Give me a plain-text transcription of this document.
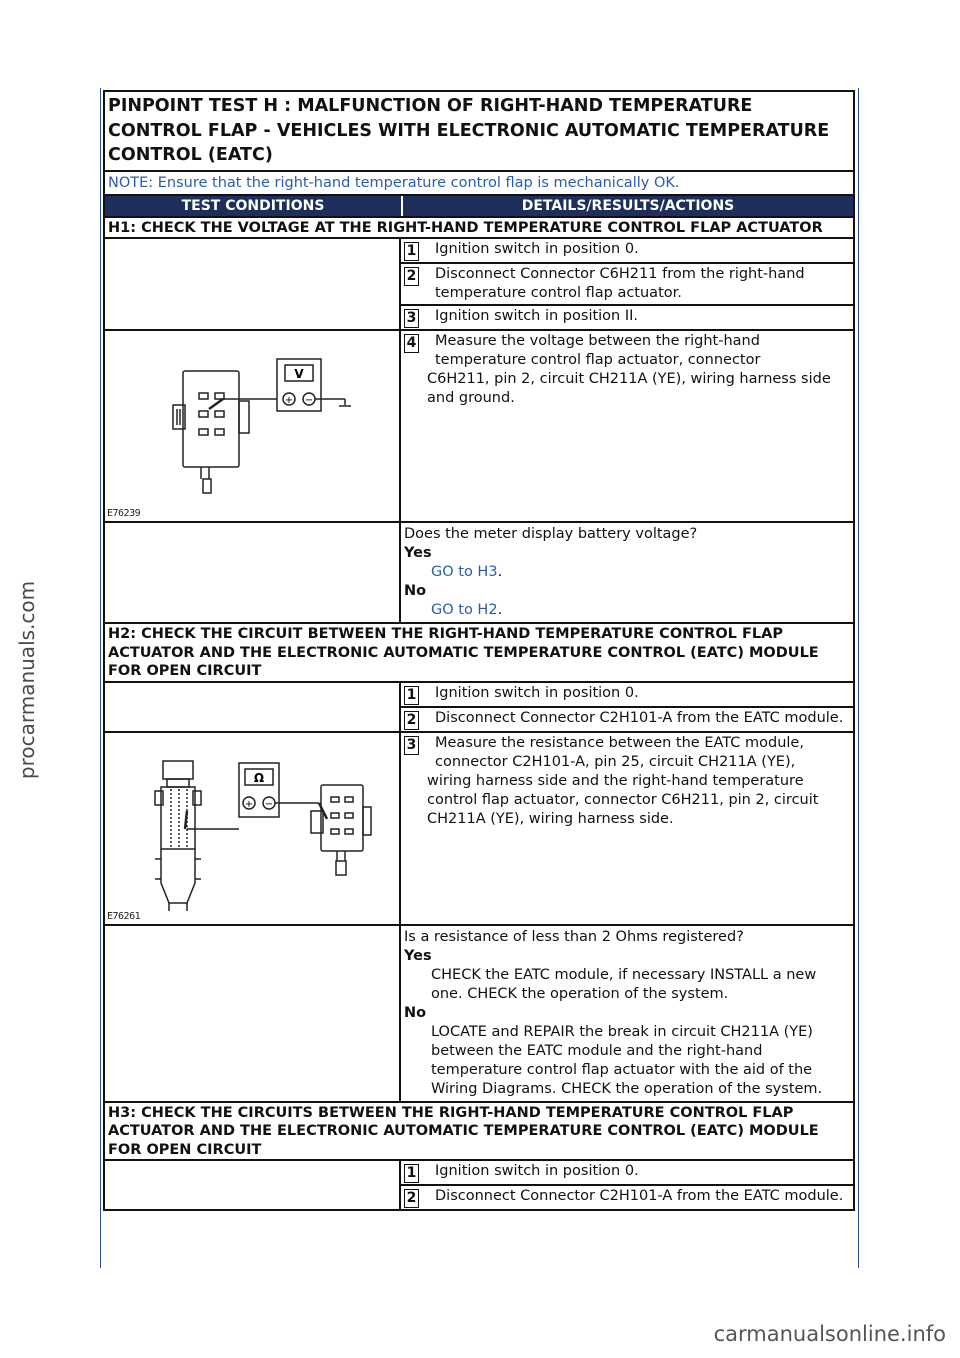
procarmanuals.com
carmanualsonline.info
PINPOINT TEST H : MALFUNCTION OF RIGHT-HAND TEMPERATURE CONTROL FLAP - VEHICLES WITH ELECTRONIC AUTOMATIC TEMPERATURE CONTROL (EATC)
NOTE: Ensure that the right-hand temperature control flap is mechanically OK.
TEST CONDITIONS	DETAILS/RESULTS/ACTIONS
H1: CHECK THE VOLTAGE AT THE RIGHT-HAND TEMPERATURE CONTROL FLAP ACTUATOR
1	Ignition switch in position 0.
2	Disconnect Connector C6H211 from the right-hand temperature control flap actuator.
3	Ignition switch in position II.
V
+ −
E76239
4 Measure the voltage between the right-hand temperature control flap actuator, connector
C6H211, pin 2, circuit CH211A (YE), wiring harness side and ground.
Does the meter display battery voltage?
Yes
GO to H3.
No
GO to H2.
H2: CHECK THE CIRCUIT BETWEEN THE RIGHT-HAND TEMPERATURE CONTROL FLAP ACTUATOR AND THE ELECTRONIC AUTOMATIC TEMPERATURE CONTROL (EATC) MODULE FOR OPEN CIRCUIT
1	Ignition switch in position 0.
2	Disconnect Connector C2H101-A from the EATC module.
Ω
+ −
E76261
3 Measure the resistance between the EATC module, connector C2H101-A, pin 25, circuit CH211A (YE),
wiring harness side and the right-hand temperature control flap actuator, connector C6H211, pin 2, circuit CH211A (YE), wiring harness side.
Is a resistance of less than 2 Ohms registered?
Yes
CHECK the EATC module, if necessary INSTALL a new one. CHECK the operation of the system.
No
LOCATE and REPAIR the break in circuit CH211A (YE) between the EATC module and the right-hand temperature control flap actuator with the aid of the Wiring Diagrams. CHECK the operation of the system.
H3: CHECK THE CIRCUITS BETWEEN THE RIGHT-HAND TEMPERATURE CONTROL FLAP ACTUATOR AND THE ELECTRONIC AUTOMATIC TEMPERATURE CONTROL (EATC) MODULE FOR OPEN CIRCUIT
1	Ignition switch in position 0.
2	Disconnect Connector C2H101-A from the EATC module.
